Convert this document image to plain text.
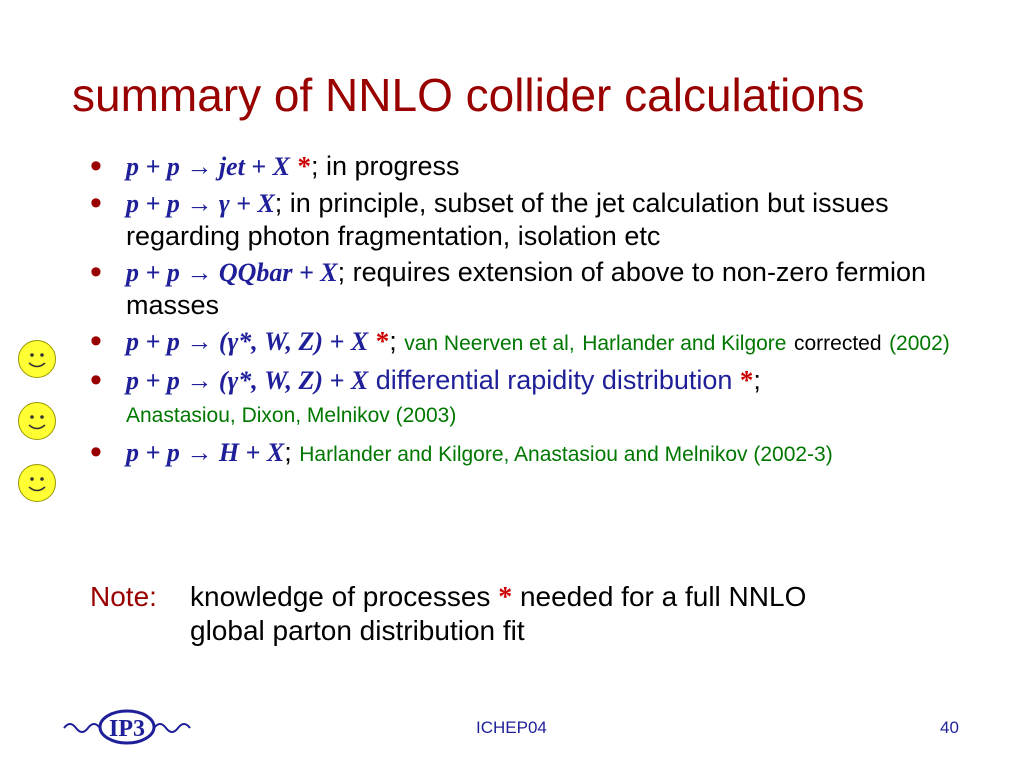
summary of NNLO collider calculations
• p + p → jet + X *; in progress
• p + p → γ + X; in principle, subset of the jet calculation but issues regarding photon fragmentation, isolation etc
• p + p → QQbar + X; requires extension of above to non-zero fermion masses
• p + p → (γ*, W, Z) + X *; van Neerven et al, Harlander and Kilgore corrected (2002)
• p + p → (γ*, W, Z) + X differential rapidity distribution *;
Anastasiou, Dixon, Melnikov (2003)
• p + p → H + X; Harlander and Kilgore, Anastasiou and Melnikov (2002-3)
Note: knowledge of processes * needed for a full NNLO
global parton distribution fit
IP3	ICHEP04	40
